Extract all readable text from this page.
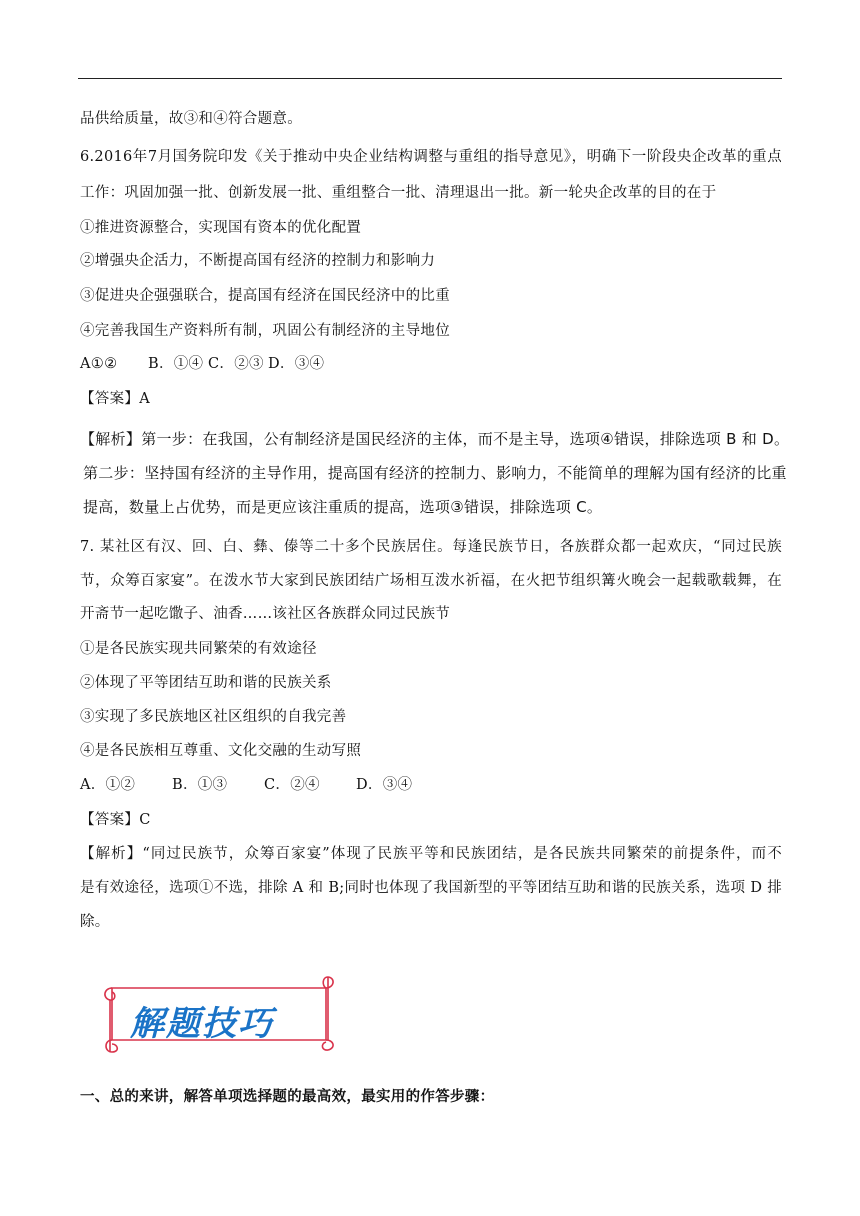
品供给质量，故③和④符合题意。
6.2016年7月国务院印发《关于推动中央企业结构调整与重组的指导意见》，明确下一阶段央企改革的重点
工作：巩固加强一批、创新发展一批、重组整合一批、清理退出一批。新一轮央企改革的目的在于
①推进资源整合，实现国有资本的优化配置
②增强央企活力，不断提高国有经济的控制力和影响力
③促进央企强强联合，提高国有经济在国民经济中的比重
④完善我国生产资料所有制，巩固公有制经济的主导地位
A①② B．①④ C．②③ D．③④
【答案】A
【解析】第一步：在我国，公有制经济是国民经济的主体，而不是主导，选项④错误，排除选项 B 和 D。
第二步：坚持国有经济的主导作用，提高国有经济的控制力、影响力，不能简单的理解为国有经济的比重
提高，数量上占优势，而是更应该注重质的提高，选项③错误，排除选项 C。
7. 某社区有汉、回、白、彝、傣等二十多个民族居住。每逢民族节日，各族群众都一起欢庆，“同过民族
节，众筹百家宴”。在泼水节大家到民族团结广场相互泼水祈福，在火把节组织篝火晚会一起载歌载舞，在
开斋节一起吃馓子、油香……该社区各族群众同过民族节
①是各民族实现共同繁荣的有效途径
②体现了平等团结互助和谐的民族关系
③实现了多民族地区社区组织的自我完善
④是各民族相互尊重、文化交融的生动写照
A．①②	B．①③	C．②④ D．③④
【答案】C
【解析】“同过民族节，众筹百家宴”体现了民族平等和民族团结，是各民族共同繁荣的前提条件，而不
是有效途径，选项①不选，排除 A 和 B;同时也体现了我国新型的平等团结互助和谐的民族关系，选项 D 排
除。
解题技巧
一、总的来讲，解答单项选择题的最高效，最实用的作答步骤：
